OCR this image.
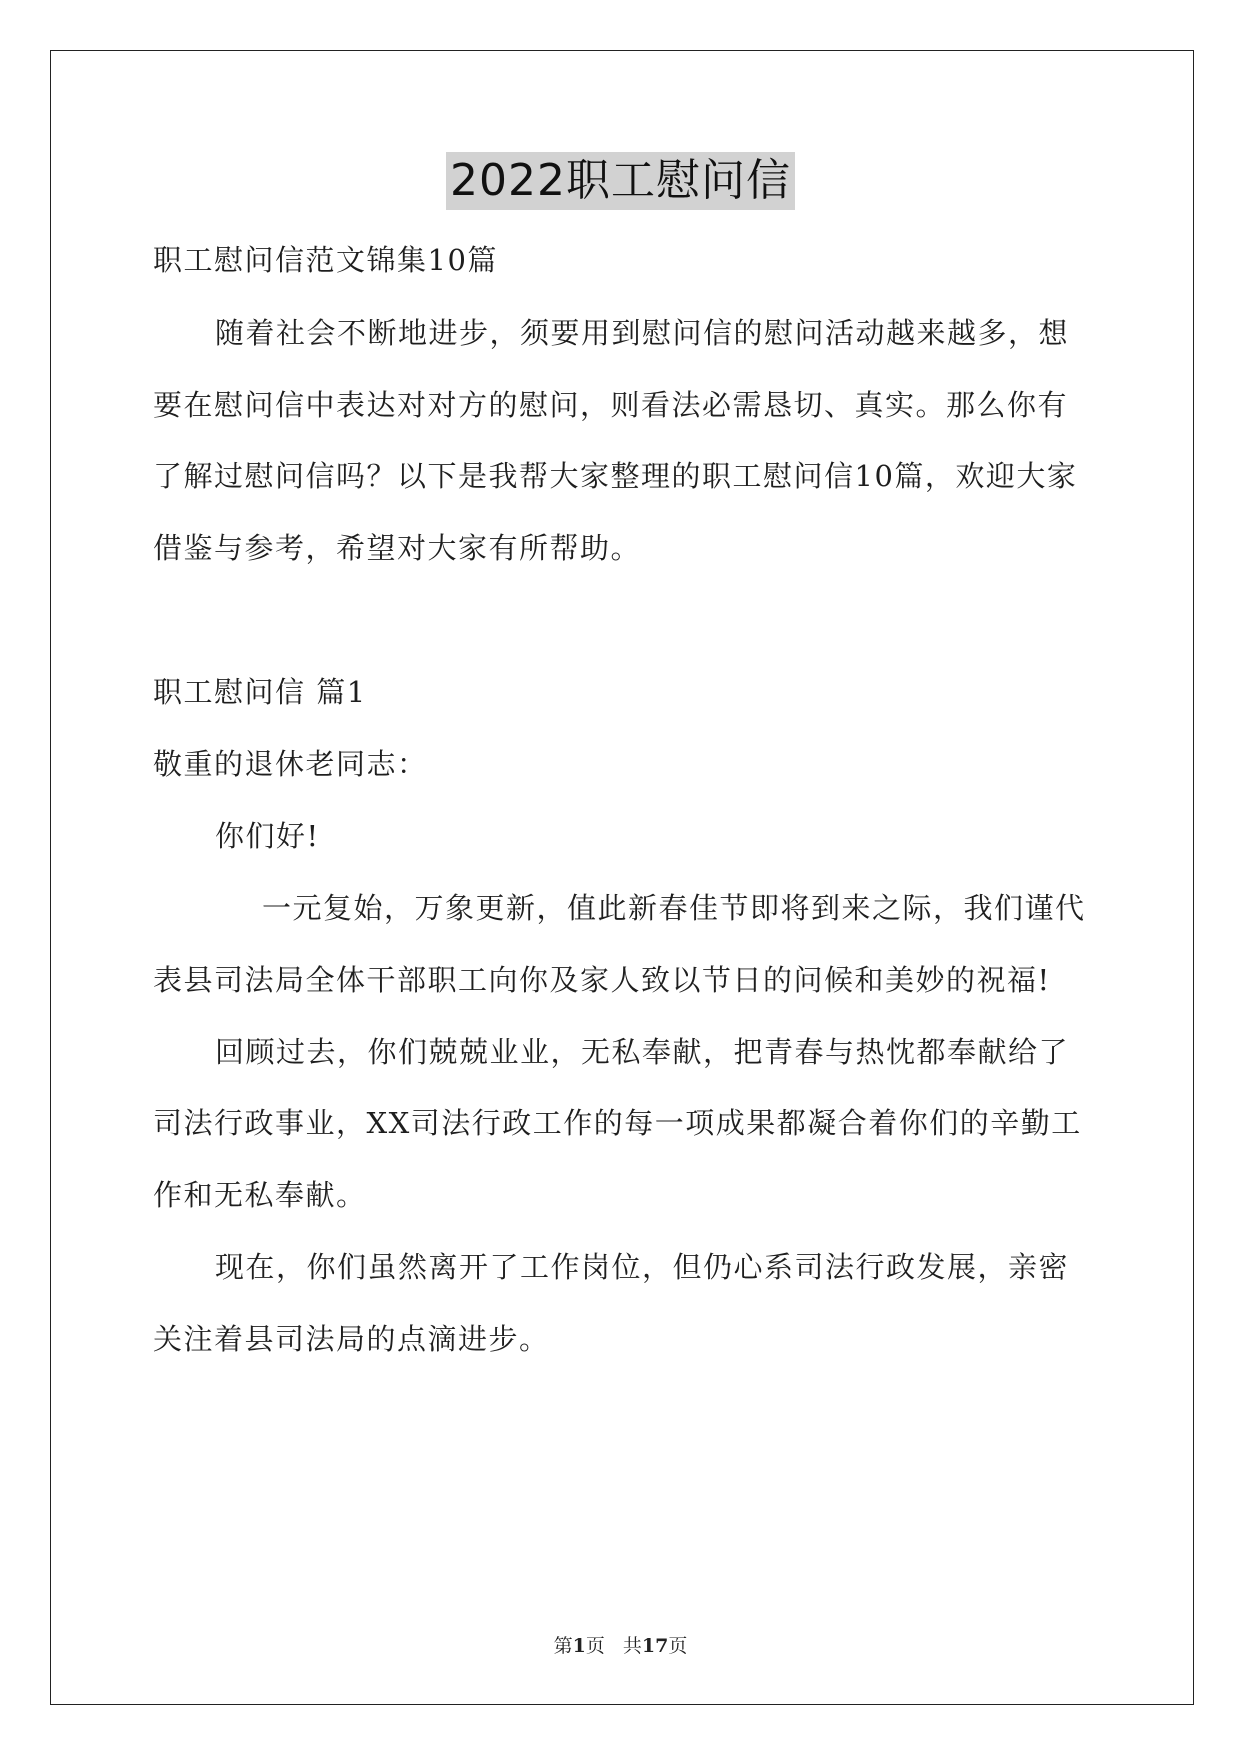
2022职工慰问信
职工慰问信范文锦集10篇
随着社会不断地进步，须要用到慰问信的慰问活动越来越多，想
要在慰问信中表达对对方的慰问，则看法必需恳切、真实。那么你有
了解过慰问信吗？以下是我帮大家整理的职工慰问信10篇，欢迎大家
借鉴与参考，希望对大家有所帮助。
职工慰问信 篇1
敬重的退休老同志：
你们好!
一元复始，万象更新，值此新春佳节即将到来之际，我们谨代
表县司法局全体干部职工向你及家人致以节日的问候和美妙的祝福!
回顾过去，你们兢兢业业，无私奉献，把青春与热忱都奉献给了
司法行政事业，XX司法行政工作的每一项成果都凝合着你们的辛勤工
作和无私奉献。
现在，你们虽然离开了工作岗位，但仍心系司法行政发展，亲密
关注着县司法局的点滴进步。
第1页 共17页
